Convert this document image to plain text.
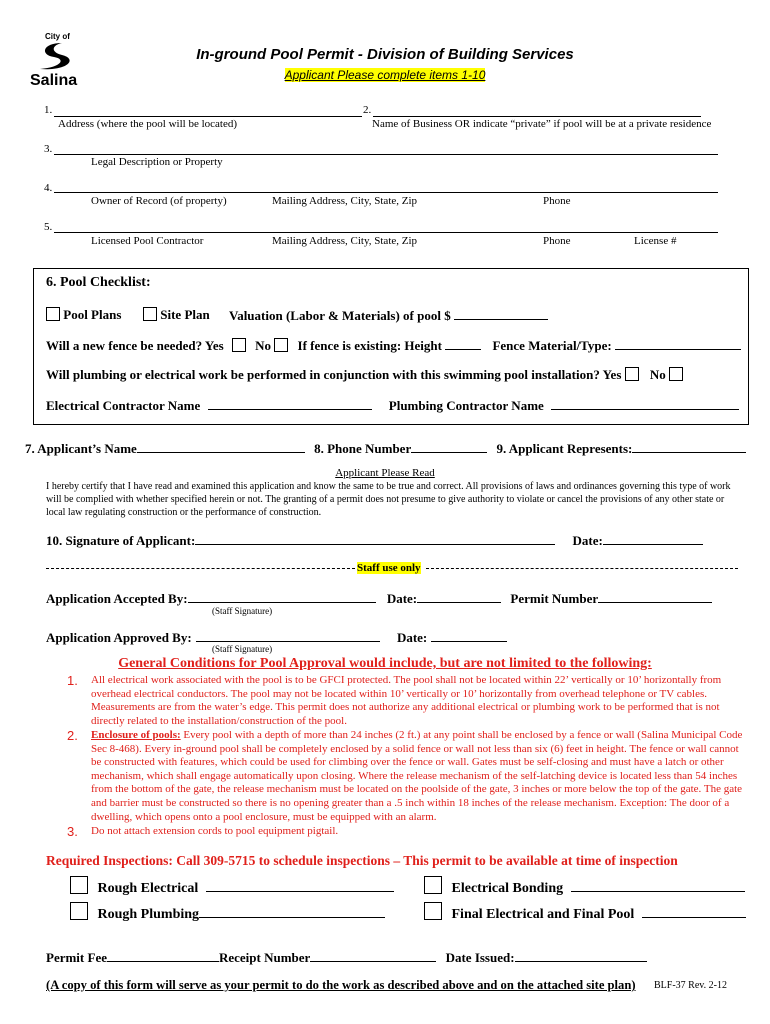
City of
Salina
In-ground Pool Permit - Division of Building Services
Applicant Please complete items 1-10
1.	2.
Address (where the pool will be located)	Name of Business OR indicate “private” if pool will be at a private residence
3.
Legal Description or Property
4.
Owner of Record (of property)	Mailing Address, City, State, Zip	Phone
5.
Licensed Pool Contractor	Mailing Address, City, State, Zip	Phone	License #
6. Pool Checklist:
Pool Plans	Site Plan Valuation (Labor & Materials) of pool $
Will a new fence be needed? Yes No If fence is existing: Height	Fence Material/Type:
Will plumbing or electrical work be performed in conjunction with this swimming pool installation? Yes No
Electrical Contractor Name	Plumbing Contractor Name
7. Applicant’s Name	8. Phone Number	9. Applicant Represents:
Applicant Please Read
I hereby certify that I have read and examined this application and know the same to be true and correct. All provisions of laws and ordinances governing this type of work will be complied with whether specified herein or not. The granting of a permit does not presume to give authority to violate or cancel the provisions of any other state or local law regulating construction or the performance of construction.
10. Signature of Applicant:	Date:
Staff use only
Application Accepted By:	Date:	Permit Number
(Staff Signature)
Application Approved By:	Date:
(Staff Signature)
General Conditions for Pool Approval would include, but are not limited to the following:
1. All electrical work associated with the pool is to be GFCI protected. The pool shall not be located within 22’ vertically or 10’ horizontally from overhead electrical conductors. The pool may not be located within 10’ vertically or 10’ horizontally from overhead telephone or TV cables. Measurements are from the water’s edge. This permit does not authorize any additional electrical or plumbing work to be performed that is not directly related to the installation/construction of the pool.
2. Enclosure of pools: Every pool with a depth of more than 24 inches (2 ft.) at any point shall be enclosed by a fence or wall (Salina Municipal Code Sec 8-468). Every in-ground pool shall be completely enclosed by a solid fence or wall not less than six (6) feet in height. The fence or wall cannot be constructed with features, which could be used for climbing over the fence or wall. Gates must be self-closing and must have a latch or other mechanism, which shall engage automatically upon closing. Where the release mechanism of the self-latching device is located less than 54 inches from the bottom of the gate, the release mechanism must be located on the poolside of the gate, 3 inches or more below the top of the gate. The gate and barrier must be constructed so there is no opening greater than a .5 inch within 18 inches of the release mechanism. Exception: The door of a dwelling, which opens onto a pool enclosure, must be equipped with an alarm.
3. Do not attach extension cords to pool equipment pigtail.
Required Inspections: Call 309-5715 to schedule inspections – This permit to be available at time of inspection
Rough Electrical	Electrical Bonding
Rough Plumbing	Final Electrical and Final Pool
Permit Fee	Receipt Number	Date Issued:
(A copy of this form will serve as your permit to do the work as described above and on the attached site plan) BLF-37 Rev. 2-12
